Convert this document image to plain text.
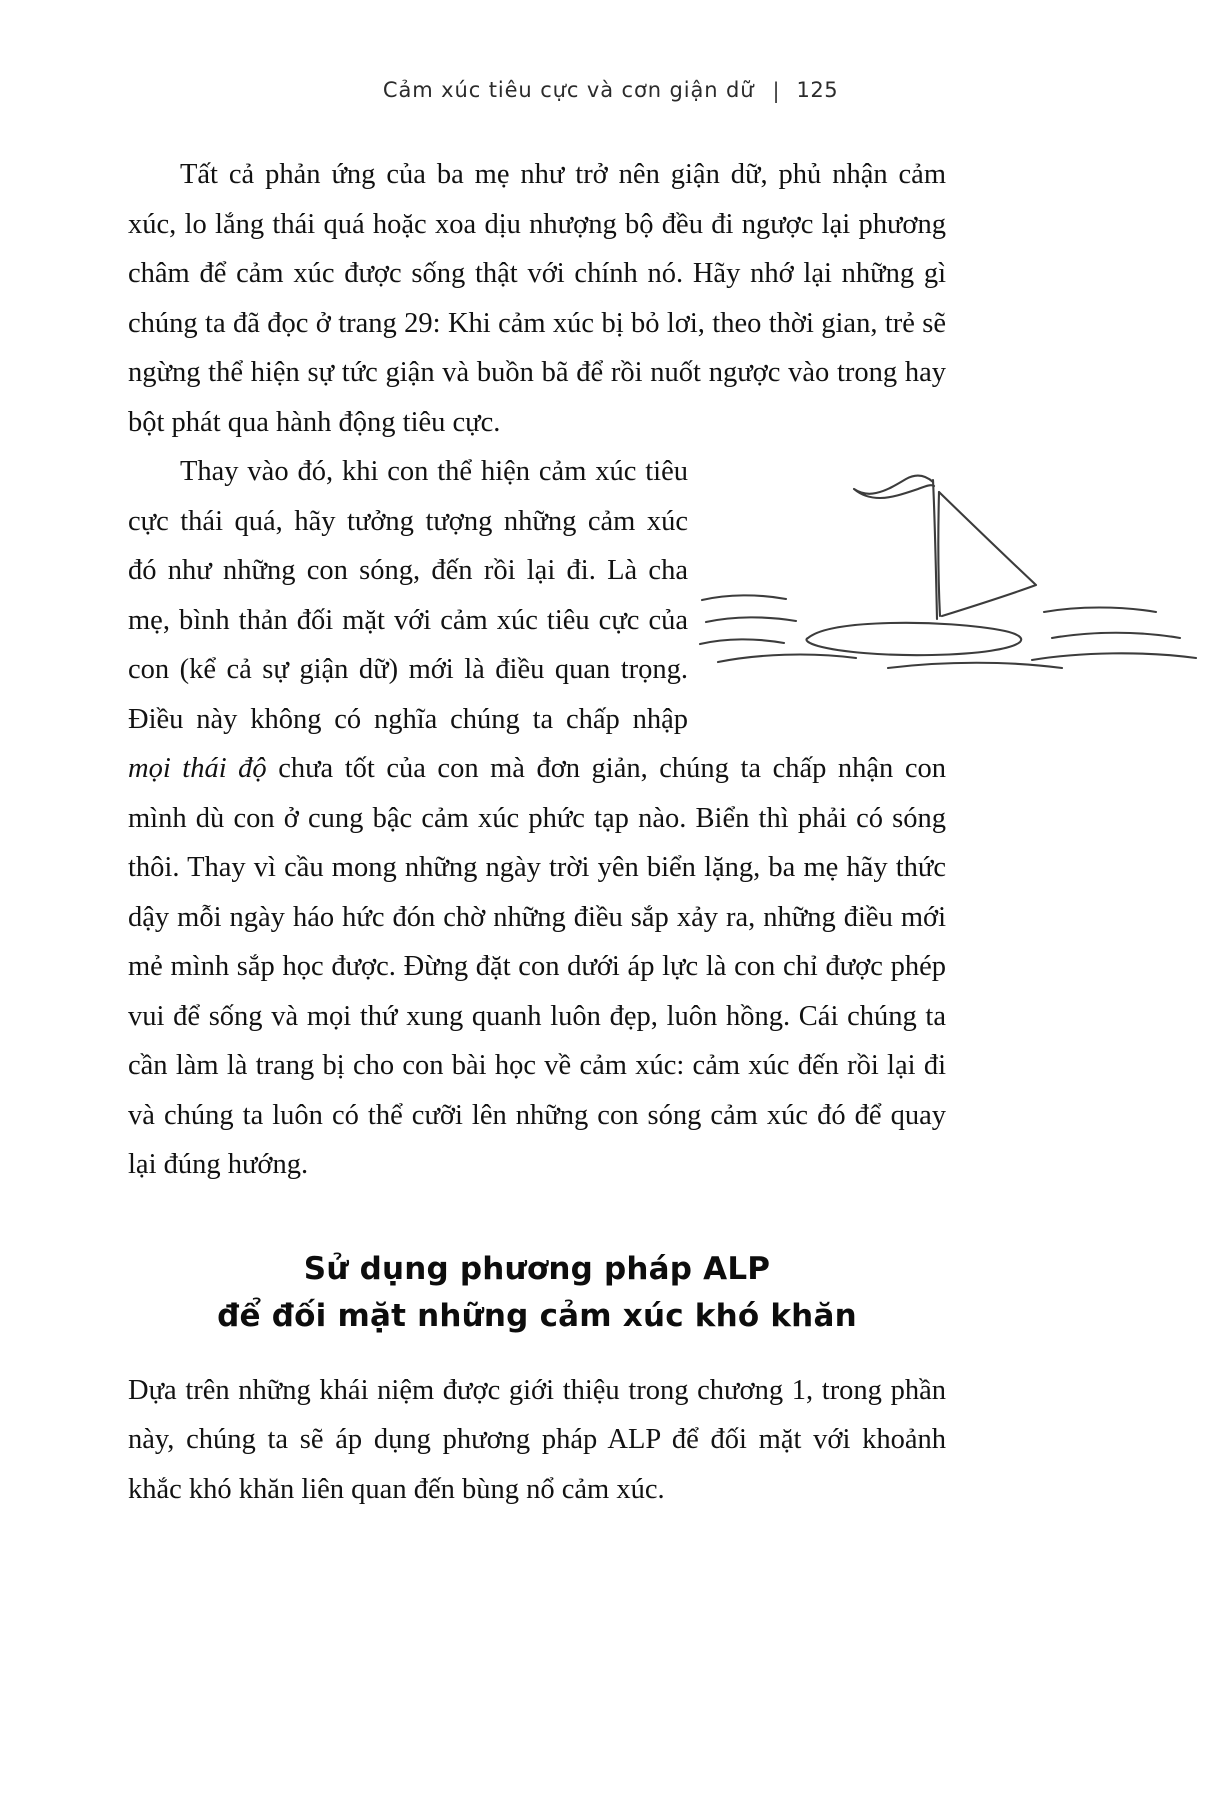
Cảm xúc tiêu cực và cơn giận dữ | 125

Tất cả phản ứng của ba mẹ như trở nên giận dữ, phủ nhận cảm xúc, lo lắng thái quá hoặc xoa dịu nhượng bộ đều đi ngược lại phương châm để cảm xúc được sống thật với chính nó. Hãy nhớ lại những gì chúng ta đã đọc ở trang 29: Khi cảm xúc bị bỏ lơi, theo thời gian, trẻ sẽ ngừng thể hiện sự tức giận và buồn bã để rồi nuốt ngược vào trong hay bột phát qua hành động tiêu cực.

Thay vào đó, khi con thể hiện cảm xúc tiêu cực thái quá, hãy tưởng tượng những cảm xúc đó như những con sóng, đến rồi lại đi. Là cha mẹ, bình thản đối mặt với cảm xúc tiêu cực của con (kể cả sự giận dữ) mới là điều quan trọng. Điều này không có nghĩa chúng ta chấp nhập mọi thái độ chưa tốt của con mà đơn giản, chúng ta chấp nhận con mình dù con ở cung bậc cảm xúc phức tạp nào. Biển thì phải có sóng thôi. Thay vì cầu mong những ngày trời yên biển lặng, ba mẹ hãy thức dậy mỗi ngày háo hức đón chờ những điều sắp xảy ra, những điều mới mẻ mình sắp học được. Đừng đặt con dưới áp lực là con chỉ được phép vui để sống và mọi thứ xung quanh luôn đẹp, luôn hồng. Cái chúng ta cần làm là trang bị cho con bài học về cảm xúc: cảm xúc đến rồi lại đi và chúng ta luôn có thể cưỡi lên những con sóng cảm xúc đó để quay lại đúng hướng.

Sử dụng phương pháp ALP
để đối mặt những cảm xúc khó khăn

Dựa trên những khái niệm được giới thiệu trong chương 1, trong phần này, chúng ta sẽ áp dụng phương pháp ALP để đối mặt với khoảnh khắc khó khăn liên quan đến bùng nổ cảm xúc.
